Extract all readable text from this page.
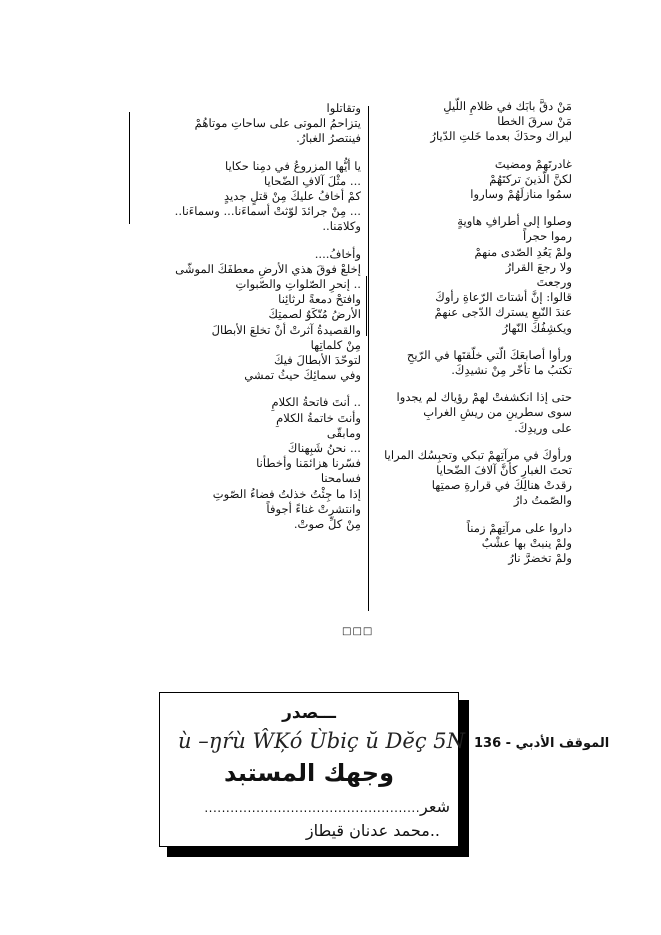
مَنْ دقَّ بابَك في ظلامِ اللّيلِ
مَنْ سرقَ الخطا
ليراك وحدَكَ بعدما خَلتِ الدّيارُ
غادرتَهمْ ومضيتَ
لكنَّ الّذينَ تركتَهُمْ
سمُوا منازلَهُمْ وساروا
وصلوا إلى أطرافِ هاويةٍ
رموا حجراً
ولمْ يَعُدِ الصّدى منهمْ
ولا رجعَ القرارُ
ورجعتَ
قالوا: إنَّ أشتاتَ الرّعاةِ رأوكَ
عندَ النّبعِ يسترك الدّجى عنهمْ
ويكشِفُكَ النّهارُ
ورأوا أصابعَكَ الّتي خلّقتَها في الرّيحِ
تكتبُ ما تأخّر مِنْ نشيدِكَ.
حتى إذا انكشفتْ لهمْ رؤياك لم يجدوا
سوى سطرينِ من ريشِ الغرابِ
على وريدِكَ.
ورأوكَ في مرآتِهمْ تبكي وتحبِسُك المرايا
تحتَ الغبارِ كأنَّ آلافَ الضّحايا
رقدتْ هنالِكَ في قرارةِ صمتِها
والصّمتُ دارُ
داروا على مرآتِهمْ زمناً
ولمْ ينبتْ بها عشْبٌ
ولمْ تخضرَّ نارُ
وتقاتلوا
يتزاحمُ الموتى على ساحاتِ موتاهُمْ
فينتصرُ الغبارُ.
يا أيُّها المزروعُ في دمِنا حكايا
... مثْلَ آلافِ الضّحايا
كمْ أخافُ عليكَ مِنْ قتلٍ جديدٍ
... مِنْ جرائدَ لوّثتْ أسماءَنا... وسماءَنا..
وكلامَنا..
وأخافُ....
إخلعْ فوقَ هذي الأرضِ معطفَكَ الموشّى
.. إنحرِ الصّلواتِ والصّبواتِ
وافتحْ دمعةً لرثائِنا
الأرضُ مُتّكَوٌ لصمتِكَ
والقصيدةُ آثرتْ أنْ تخلعَ الأبطالَ
مِنْ كلماتِها
لتوحّدَ الأبطالَ فيكَ
وفي سمائِكَ حيثُ تمشي
.. أنتَ فاتحةُ الكلامِ
وأنتَ خاتمةُ الكلامِ
ومابقّى
... نحنُ شَبِهناكَ
فسّرنا هزائمَنا وأخطأنا
فسامحنا
إذا ما جِئْتُ خذلتُ فضاءُ الصّوتِ
وانتشرتْ غناءً أجوفاً
مِنْ كلِّ صوتْ.
□□□
الموقف الأدبي - 136
ـــ صدر
ù –ŋŕù ŴĶó Ùbiç ŭ Dĕç 5N
وجهك المستبد
شعر..................................................
..محمد عدنان قيطاز
